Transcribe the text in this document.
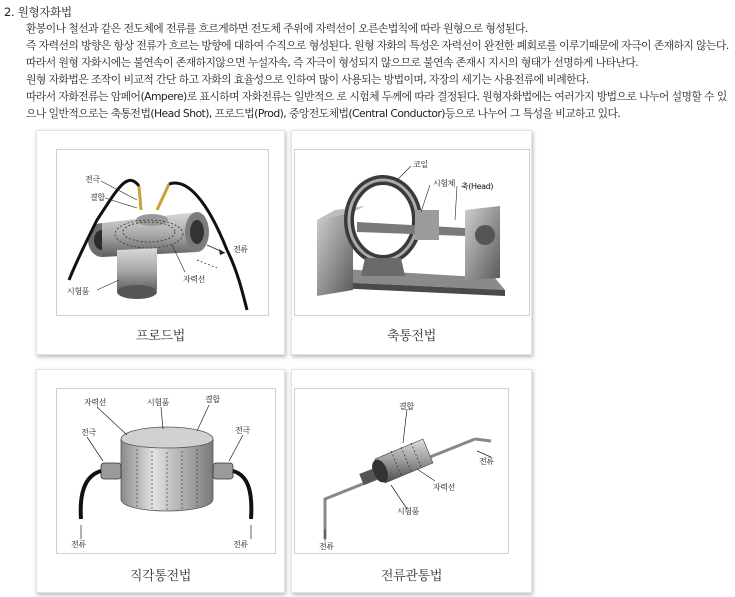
2. 원형자화법
환봉이나 철선과 같은 전도체에 전류를 흐르게하면 전도체 주위에 자력선이 오른손법칙에 따라 원형으로 형성된다.
즉 자력선의 방향은 항상 전류가 흐르는 방향에 대하여 수직으로 형성된다. 원형 자화의 특성은 자력선이 완전한 폐회로를 이루기때문에 자극이 존재하지 않는다.
따라서 원형 자화시에는 불연속이 존재하지않으면 누설자속, 즉 자극이 형성되지 않으므로 불연속 존재시 지시의 형태가 선명하게 나타난다.
원형 자화법은 조작이 비교적 간단 하고 자화의 효율성으로 인하여 많이 사용되는 방법이며, 자장의 세기는 사용전류에 비례한다.
따라서 자화전류는 암페어(Ampere)로 표시하며 자화전류는 일반적으 로 시험체 두께에 따라 결정된다. 원형자화법에는 여러가지 방법으로 나누어 설명할 수 있
으나 일반적으로는 축통전법(Head Shot), 프로드법(Prod), 중앙전도체법(Central Conductor)등으로 나누어 그 특성을 비교하고 있다.
전극
결합
전류
자력선
시험품
프로드법
코일
시험체 축(Head)
축통전법
자력선	시험품	결합
전극	전극
전류	전류
직각통전법
결합
전류
자력선
시험품
전류
전류관통법
